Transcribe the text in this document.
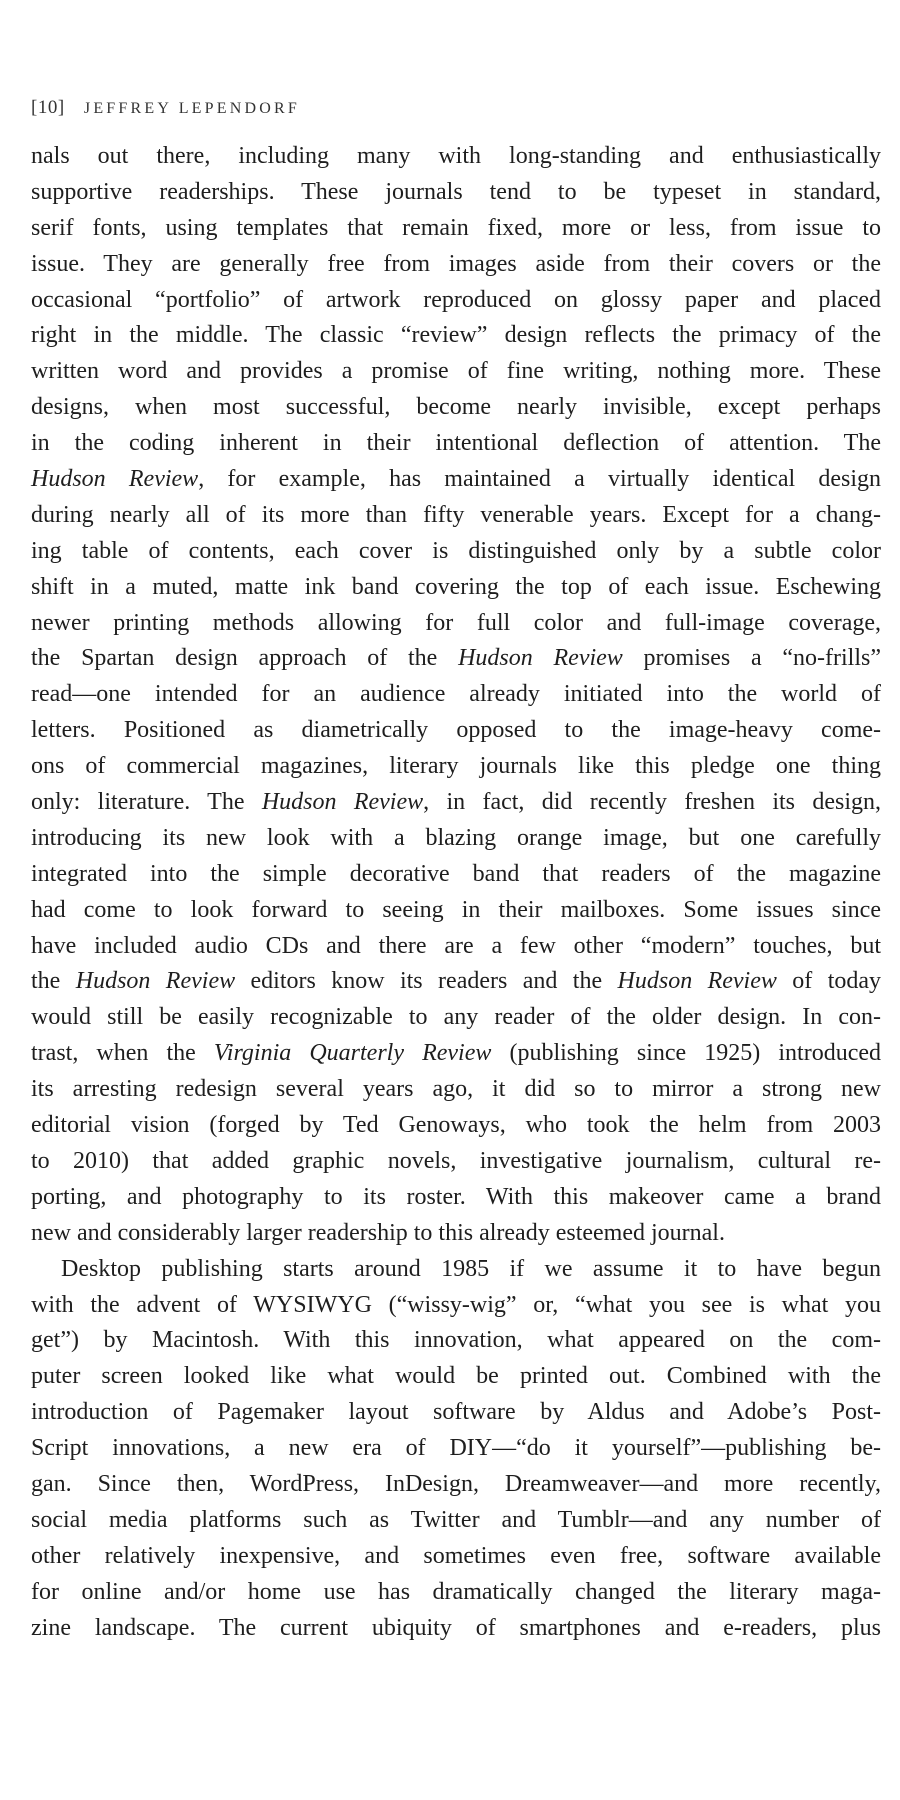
[10] JEFFREY LEPENDORF
nals out there, including many with long-standing and enthusiastically
supportive readerships. These journals tend to be typeset in standard,
serif fonts, using templates that remain fixed, more or less, from issue to
issue. They are generally free from images aside from their covers or the
occasional “portfolio” of artwork reproduced on glossy paper and placed
right in the middle. The classic “review” design reflects the primacy of the
written word and provides a promise of fine writing, nothing more. These
designs, when most successful, become nearly invisible, except perhaps
in the coding inherent in their intentional deflection of attention. The
Hudson Review, for example, has maintained a virtually identical design
during nearly all of its more than fifty venerable years. Except for a chang-
ing table of contents, each cover is distinguished only by a subtle color
shift in a muted, matte ink band covering the top of each issue. Eschewing
newer printing methods allowing for full color and full-image coverage,
the Spartan design approach of the Hudson Review promises a “no-frills”
read—one intended for an audience already initiated into the world of
letters. Positioned as diametrically opposed to the image-heavy come-
ons of commercial magazines, literary journals like this pledge one thing
only: literature. The Hudson Review, in fact, did recently freshen its design,
introducing its new look with a blazing orange image, but one carefully
integrated into the simple decorative band that readers of the magazine
had come to look forward to seeing in their mailboxes. Some issues since
have included audio CDs and there are a few other “modern” touches, but
the Hudson Review editors know its readers and the Hudson Review of today
would still be easily recognizable to any reader of the older design. In con-
trast, when the Virginia Quarterly Review (publishing since 1925) introduced
its arresting redesign several years ago, it did so to mirror a strong new
editorial vision (forged by Ted Genoways, who took the helm from 2003
to 2010) that added graphic novels, investigative journalism, cultural re-
porting, and photography to its roster. With this makeover came a brand
new and considerably larger readership to this already esteemed journal.
Desktop publishing starts around 1985 if we assume it to have begun
with the advent of WYSIWYG (“wissy-wig” or, “what you see is what you
get”) by Macintosh. With this innovation, what appeared on the com-
puter screen looked like what would be printed out. Combined with the
introduction of Pagemaker layout software by Aldus and Adobe’s Post-
Script innovations, a new era of DIY—“do it yourself”—publishing be-
gan. Since then, WordPress, InDesign, Dreamweaver—and more recently,
social media platforms such as Twitter and Tumblr—and any number of
other relatively inexpensive, and sometimes even free, software available
for online and/or home use has dramatically changed the literary maga-
zine landscape. The current ubiquity of smartphones and e-readers, plus
